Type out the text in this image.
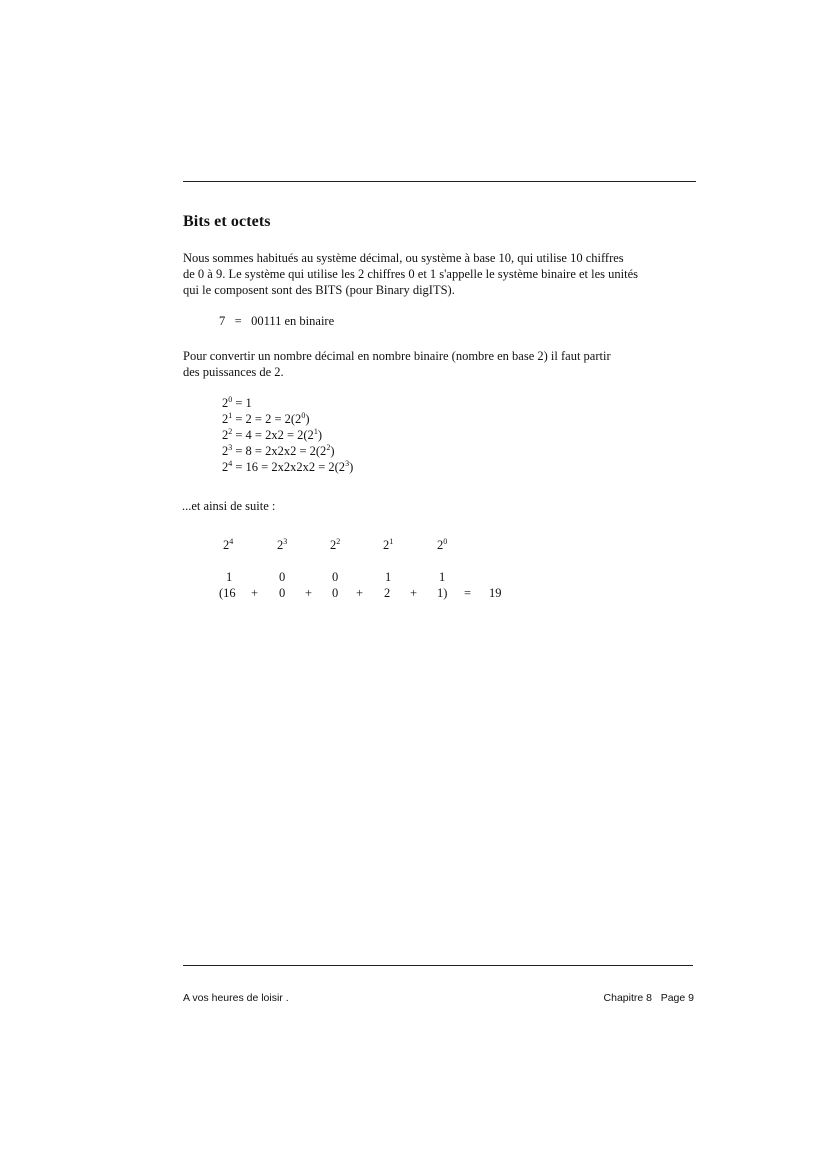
Bits et octets

Nous sommes habitués au système décimal, ou système à base 10, qui utilise 10 chiffres

de 0 à 9. Le système qui utilise les 2 chiffres 0 et 1 s'appelle le système binaire et les unités

qui le composent sont des BITS (pour Binary digITS).

7 = 00111 en binaire

Pour convertir un nombre décimal en nombre binaire (nombre en base 2) il faut partir

des puissances de 2.

$2^0 = 1$
$2^1 = 2 = 2 = 2(2^0)$
$2^2 = 4 = 2x2 = 2(2^1)$
$2^3 = 8 = 2x2x2 = 2(2^2)$
$2^4 = 16 = 2x2x2x2 = 2(2^3)$
...et ainsi de suite :
$2^4$	$2^3$	$2^2$	$2^1$	$2^0$
1	0	0	1	1
(16 + 0 + 0 + 2 + 1) = 19
A vos heures de loisir .	Chapitre 8   Page 9
